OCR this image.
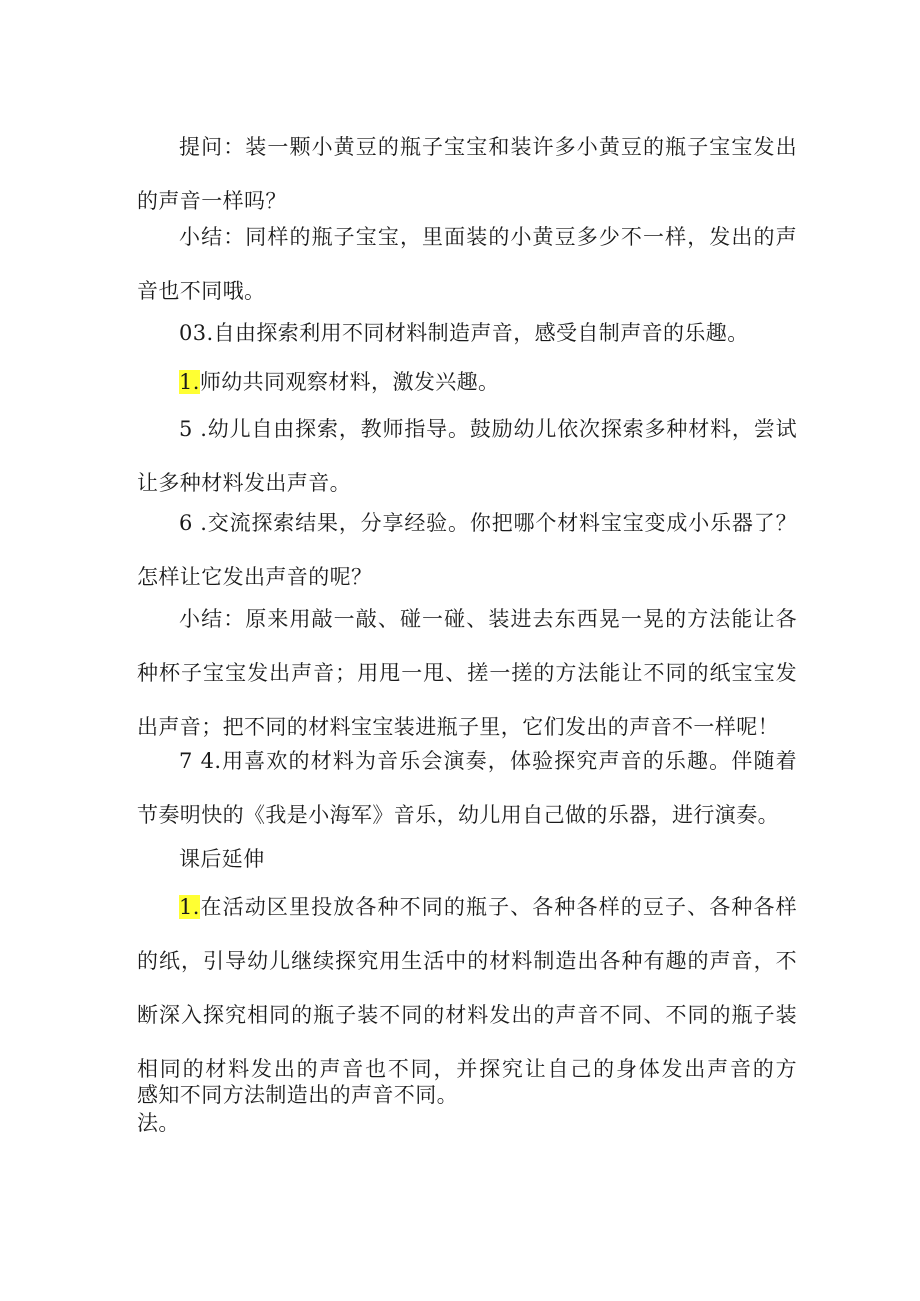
提问：装一颗小黄豆的瓶子宝宝和装许多小黄豆的瓶子宝宝发出的声音一样吗？

小结：同样的瓶子宝宝，里面装的小黄豆多少不一样，发出的声音也不同哦。

03.自由探索利用不同材料制造声音，感受自制声音的乐趣。

1.师幼共同观察材料，激发兴趣。

5 .幼儿自由探索，教师指导。鼓励幼儿依次探索多种材料，尝试让多种材料发出声音。

6 .交流探索结果，分享经验。你把哪个材料宝宝变成小乐器了？怎样让它发出声音的呢？

小结：原来用敲一敲、碰一碰、装进去东西晃一晃的方法能让各种杯子宝宝发出声音；用甩一甩、搓一搓的方法能让不同的纸宝宝发出声音；把不同的材料宝宝装进瓶子里，它们发出的声音不一样呢！

7 4.用喜欢的材料为音乐会演奏，体验探究声音的乐趣。伴随着节奏明快的《我是小海军》音乐，幼儿用自己做的乐器，进行演奏。

课后延伸

1.在活动区里投放各种不同的瓶子、各种各样的豆子、各种各样的纸，引导幼儿继续探究用生活中的材料制造出各种有趣的声音，不断深入探究相同的瓶子装不同的材料发出的声音不同、不同的瓶子装相同的材料发出的声音也不同，并探究让自己的身体发出声音的方法。

感知不同方法制造出的声音不同。
